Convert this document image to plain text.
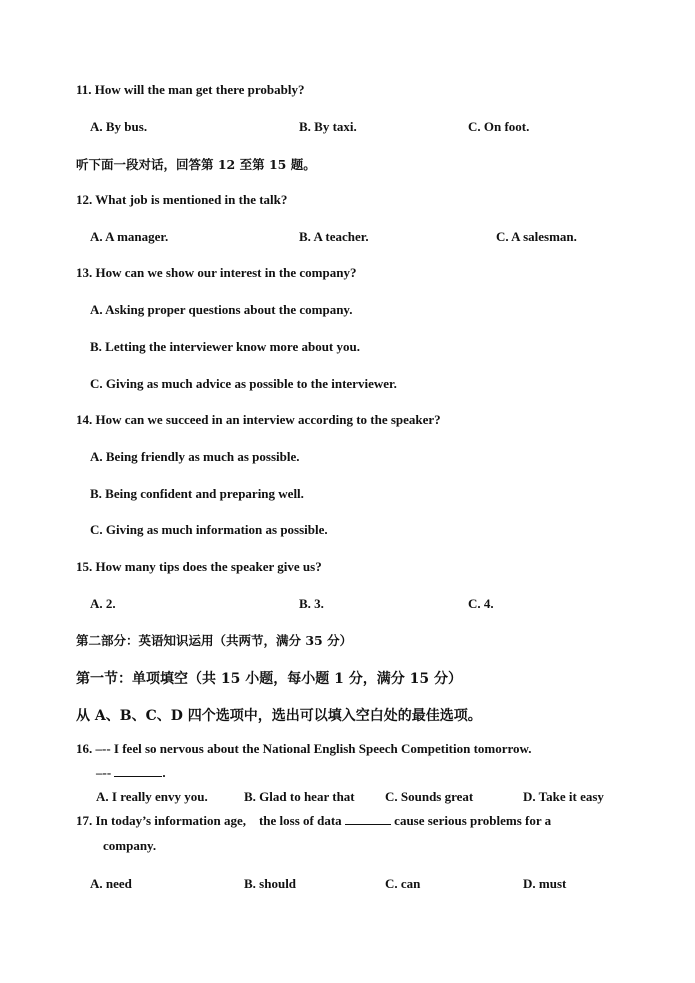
11. How will the man get there probably?
A. By bus.	B. By taxi.	C. On foot.
听下面一段对话，回答第 12 至第 15 题。
12. What job is mentioned in the talk?
A. A manager.	B. A teacher.	C. A salesman.
13. How can we show our interest in the company?
A. Asking proper questions about the company.
B. Letting the interviewer know more about you.
C. Giving as much advice as possible to the interviewer.
14. How can we succeed in an interview according to the speaker?
A. Being friendly as much as possible.
B. Being confident and preparing well.
C. Giving as much information as possible.
15. How many tips does the speaker give us?
A. 2.	B. 3.	C. 4.
第二部分：英语知识运用（共两节，满分 35 分）
第一节：单项填空（共 15 小题，每小题 1 分，满分 15 分）
从 A、B、C、D 四个选项中，选出可以填入空白处的最佳选项。
16. –-- I feel so nervous about the National English Speech Competition tomorrow.
–--	.
A. I really envy you.	B. Glad to hear that C. Sounds great	D. Take it easy
17. In today’s information age,    the loss of data	cause serious problems for a
company.
A. need	B. should	C. can	D. must
